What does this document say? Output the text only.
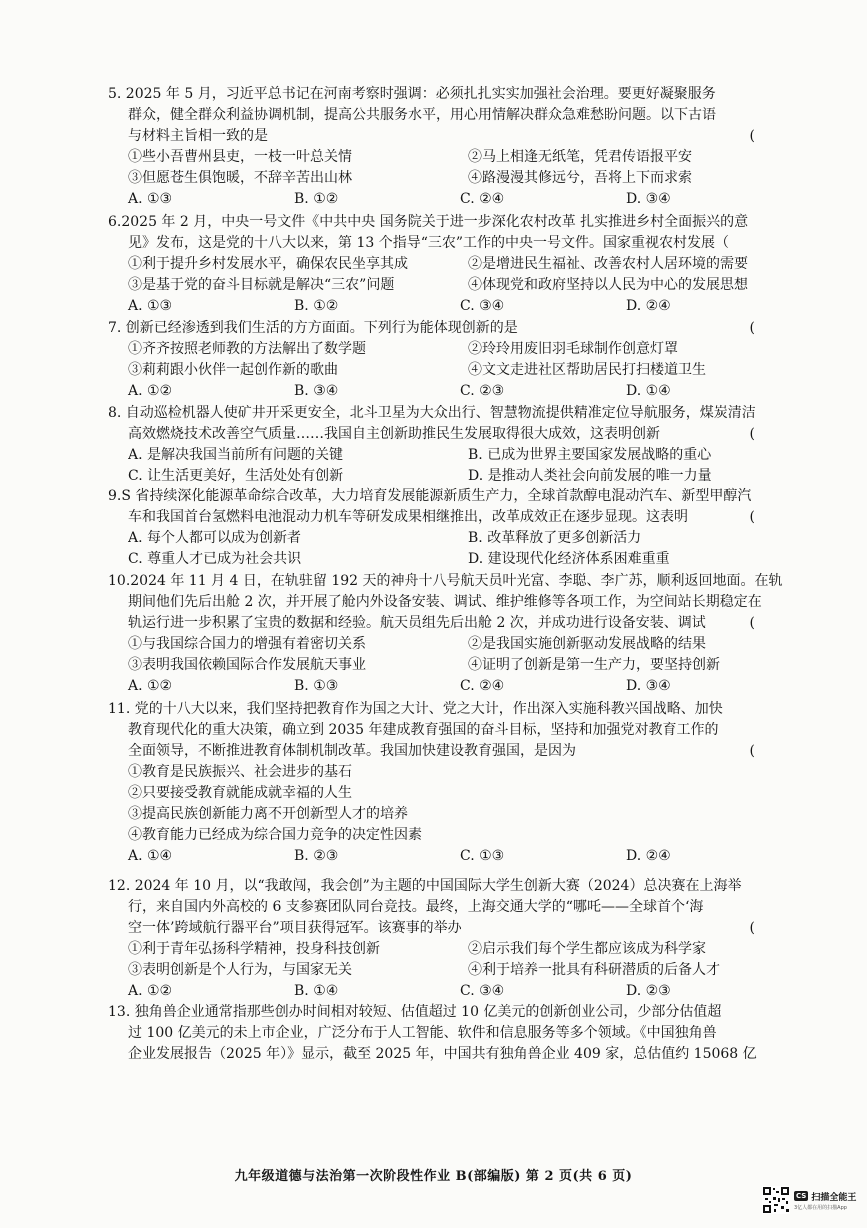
5. 2025 年 5 月，习近平总书记在河南考察时强调：必须扎扎实实加强社会治理。要更好凝聚服务
群众，健全群众利益协调机制，提高公共服务水平，用心用情解决群众急难愁盼问题。以下古语
与材料主旨相一致的是	(
①些小吾曹州县吏，一枝一叶总关情	②马上相逢无纸笔，凭君传语报平安
③但愿苍生俱饱暖，不辞辛苦出山林	④路漫漫其修远兮，吾将上下而求索
A. ①③	B. ①②	C. ②④	D. ③④
6.2025 年 2 月，中央一号文件《中共中央 国务院关于进一步深化农村改革 扎实推进乡村全面振兴的意
见》发布，这是党的十八大以来，第 13 个指导“三农”工作的中央一号文件。国家重视农村发展（
①利于提升乡村发展水平，确保农民坐享其成	②是增进民生福祉、改善农村人居环境的需要
③是基于党的奋斗目标就是解决“三农”问题	④体现党和政府坚持以人民为中心的发展思想
A. ①③	B. ①②	C. ③④	D. ②④
7. 创新已经渗透到我们生活的方方面面。下列行为能体现创新的是	(
①齐齐按照老师教的方法解出了数学题	②玲玲用废旧羽毛球制作创意灯罩
③莉莉跟小伙伴一起创作新的歌曲	④文文走进社区帮助居民打扫楼道卫生
A. ①②	B. ③④	C. ②③	D. ①④
8. 自动巡检机器人使矿井开采更安全，北斗卫星为大众出行、智慧物流提供精准定位导航服务，煤炭清洁
高效燃烧技术改善空气质量……我国自主创新助推民生发展取得很大成效，这表明创新	(
A. 是解决我国当前所有问题的关键	B. 已成为世界主要国家发展战略的重心
C. 让生活更美好，生活处处有创新	D. 是推动人类社会向前发展的唯一力量
9.S 省持续深化能源革命综合改革，大力培育发展能源新质生产力，全球首款醇电混动汽车、新型甲醇汽
车和我国首台氢燃料电池混动力机车等研发成果相继推出，改革成效正在逐步显现。这表明	(
A. 每个人都可以成为创新者	B. 改革释放了更多创新活力
C. 尊重人才已成为社会共识	D. 建设现代化经济体系困难重重
10.2024 年 11 月 4 日，在轨驻留 192 天的神舟十八号航天员叶光富、李聪、李广苏，顺利返回地面。在轨
期间他们先后出舱 2 次，并开展了舱内外设备安装、调试、维护维修等各项工作，为空间站长期稳定在
轨运行进一步积累了宝贵的数据和经验。航天员组先后出舱 2 次，并成功进行设备安装、调试	(
①与我国综合国力的增强有着密切关系	②是我国实施创新驱动发展战略的结果
③表明我国依赖国际合作发展航天事业	④证明了创新是第一生产力，要坚持创新
A. ①②	B. ①③	C. ②④	D. ③④
11. 党的十八大以来，我们坚持把教育作为国之大计、党之大计，作出深入实施科教兴国战略、加快
教育现代化的重大决策，确立到 2035 年建成教育强国的奋斗目标，坚持和加强党对教育工作的
全面领导，不断推进教育体制机制改革。我国加快建设教育强国，是因为	(
①教育是民族振兴、社会进步的基石
②只要接受教育就能成就幸福的人生
③提高民族创新能力离不开创新型人才的培养
④教育能力已经成为综合国力竞争的决定性因素
A. ①④	B. ②③	C. ①③	D. ②④
12. 2024 年 10 月，以“我敢闯，我会创”为主题的中国国际大学生创新大赛（2024）总决赛在上海举
行，来自国内外高校的 6 支参赛团队同台竞技。最终，上海交通大学的“哪吒——全球首个‘海
空一体’跨域航行器平台”项目获得冠军。该赛事的举办	(
①利于青年弘扬科学精神，投身科技创新	②启示我们每个学生都应该成为科学家
③表明创新是个人行为，与国家无关	④利于培养一批具有科研潜质的后备人才
A. ①②	B. ①④	C. ③④	D. ②③
13. 独角兽企业通常指那些创办时间相对较短、估值超过 10 亿美元的创新创业公司，少部分估值超
过 100 亿美元的未上市企业，广泛分布于人工智能、软件和信息服务等多个领域。《中国独角兽
企业发展报告（2025 年）》显示，截至 2025 年，中国共有独角兽企业 409 家，总估值约 15068 亿
九年级道德与法治第一次阶段性作业 B(部编版) 第 2 页(共 6 页)
CS 扫描全能王
3亿人都在用的扫描App
